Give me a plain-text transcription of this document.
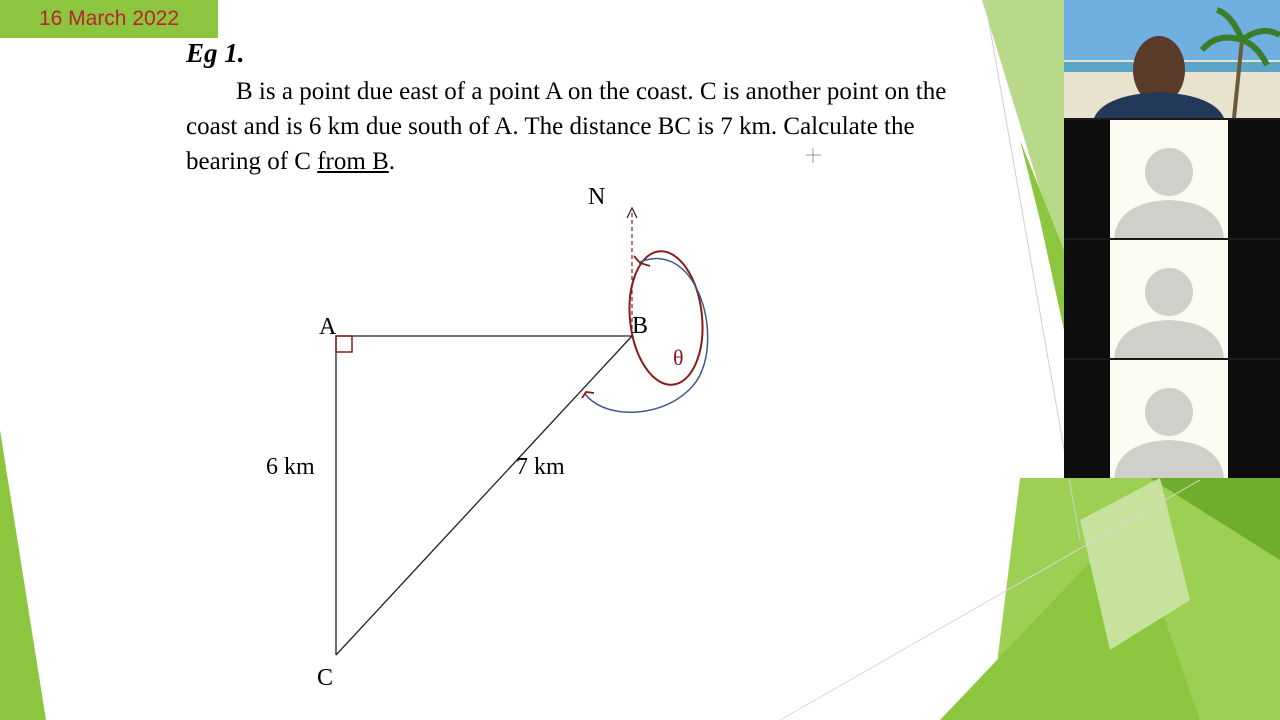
16 March 2022
Eg 1.
B is a point due east of a point A on the coast. C is another point on the
coast and is 6 km due south of A. The distance BC is 7 km. Calculate the
bearing of C from B.
N
A	B
C
6 km	7 km
θ
